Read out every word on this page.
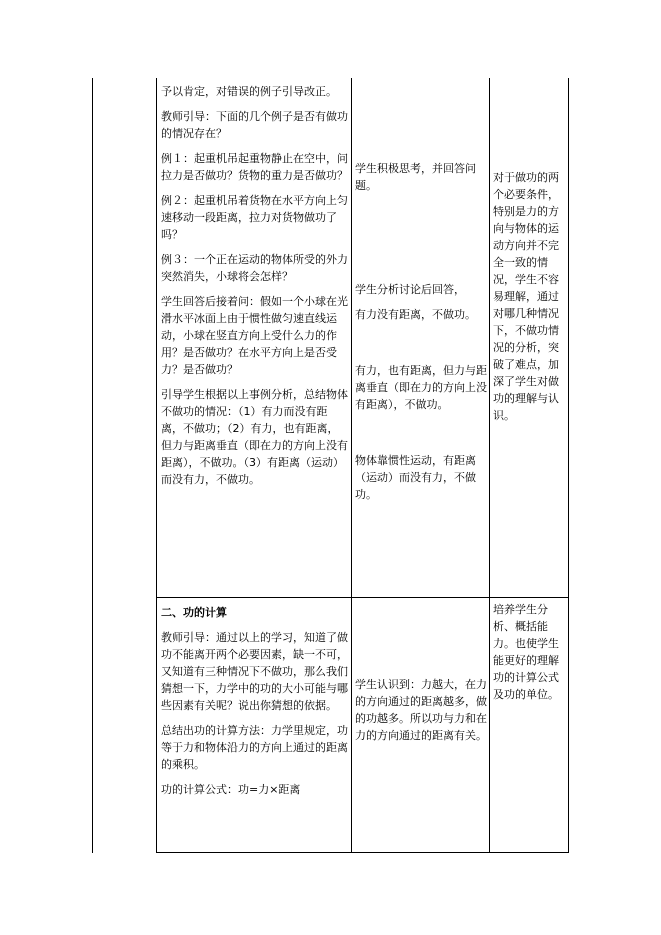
予以肯定，对错误的例子引导改正。

教师引导：下面的几个例子是否有做功的情况存在？

例１：起重机吊起重物静止在空中，问拉力是否做功？货物的重力是否做功？

例２：起重机吊着货物在水平方向上匀速移动一段距离，拉力对货物做功了吗？

例３：一个正在运动的物体所受的外力突然消失，小球将会怎样？

学生回答后接着问：假如一个小球在光滑水平冰面上由于惯性做匀速直线运动，小球在竖直方向上受什么力的作用？是否做功？在水平方向上是否受力？是否做功？

引导学生根据以上事例分析，总结物体不做功的情况：（1）有力而没有距离，不做功；（2）有力，也有距离，但力与距离垂直（即在力的方向上没有距离），不做功。（3）有距离（运动）而没有力，不做功。

学生积极思考，并回答问题。

学生分析讨论后回答，

有力没有距离，不做功。

有力，也有距离，但力与距离垂直（即在力的方向上没有距离），不做功。

物体靠惯性运动，有距离（运动）而没有力，不做功。

对于做功的两个必要条件，特别是力的方向与物体的运动方向并不完全一致的情况，学生不容易理解，通过对哪几种情况下，不做功情况的分析，突破了难点，加深了学生对做功的理解与认识。

二、功的计算

教师引导：通过以上的学习，知道了做功不能离开两个必要因素，缺一不可，又知道有三种情况下不做功，那么我们猜想一下，力学中的功的大小可能与哪些因素有关呢？说出你猜想的依据。

总结出功的计算方法：力学里规定，功等于力和物体沿力的方向上通过的距离的乘积。

功的计算公式：功=力×距离

学生认识到：力越大，在力的方向通过的距离越多，做的功越多。所以功与力和在力的方向通过的距离有关。

培养学生分析、概括能力。也使学生能更好的理解功的计算公式及功的单位。
